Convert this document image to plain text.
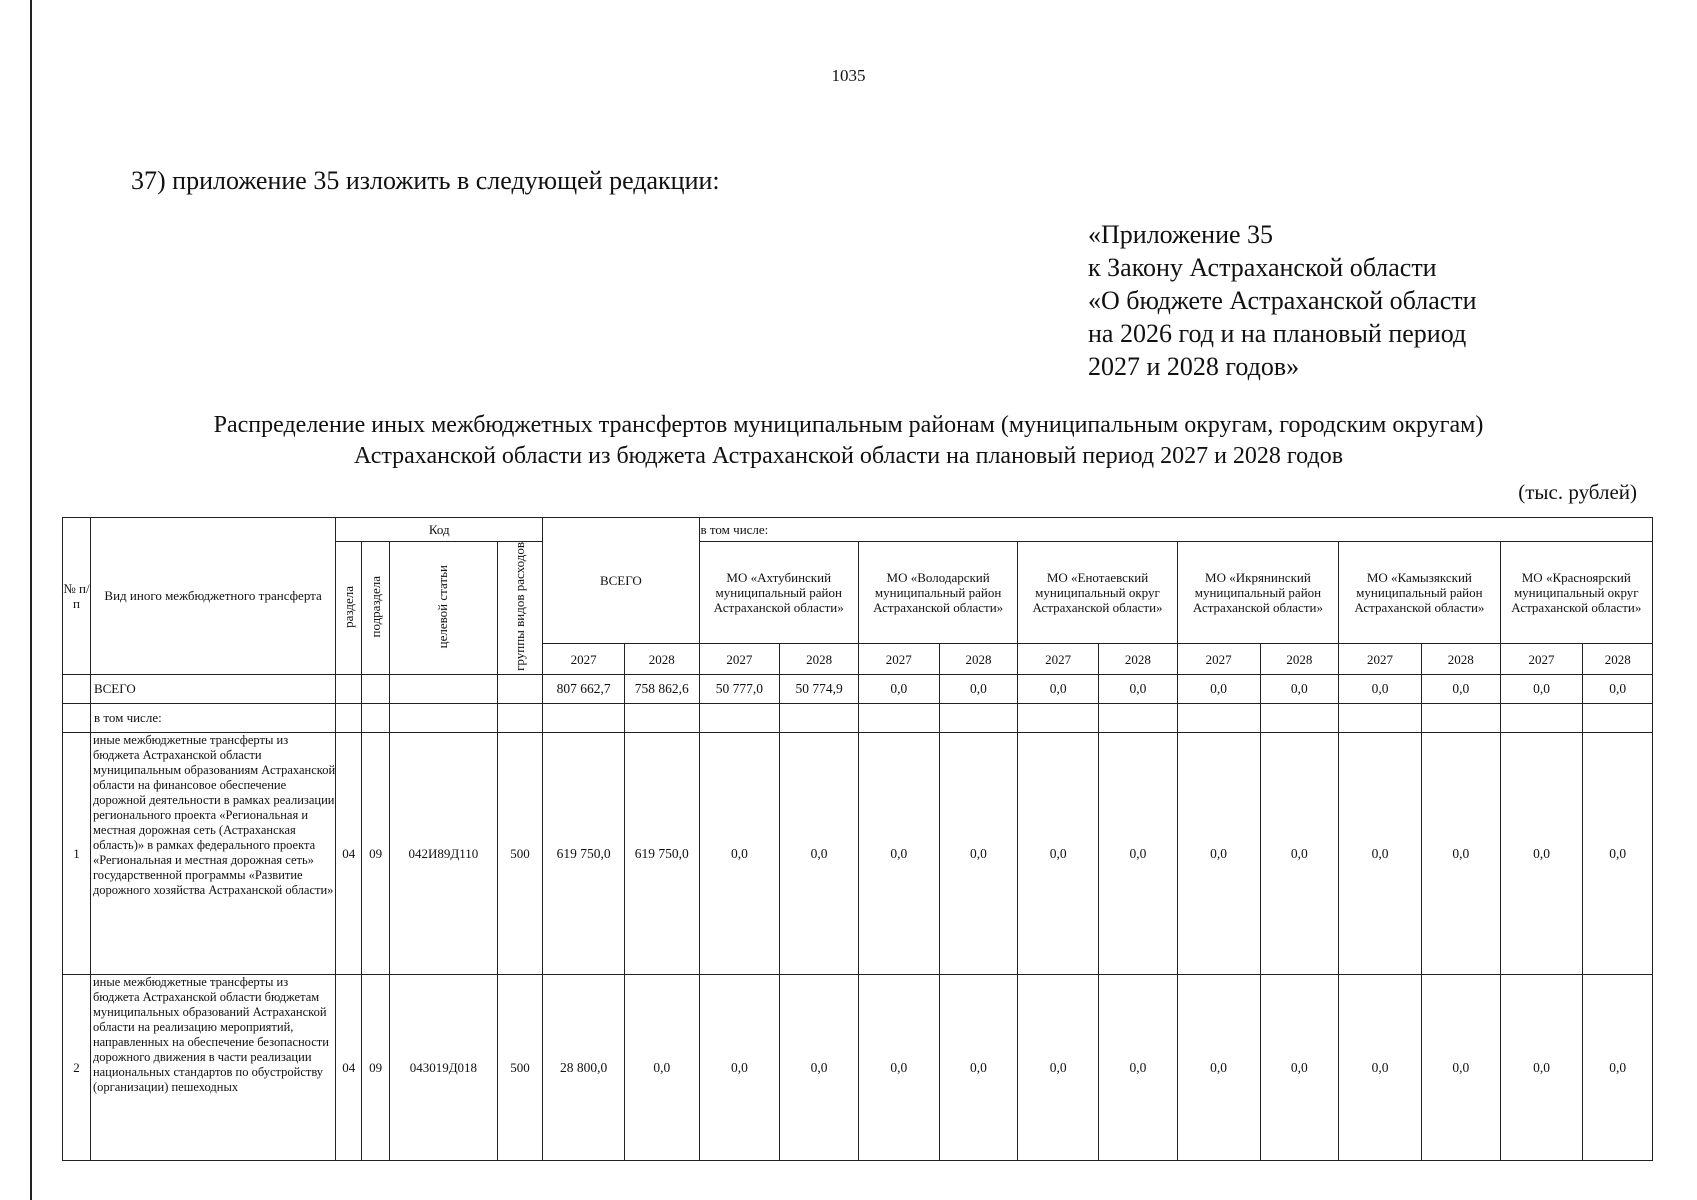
1035
37) приложение 35 изложить в следующей редакции:
«Приложение 35
к Закону Астраханской области
«О бюджете Астраханской области
на 2026 год и на плановый период
2027 и 2028 годов»
Распределение иных межбюджетных трансфертов муниципальным районам (муниципальным округам, городским округам)
Астраханской области из бюджета Астраханской области на плановый период 2027 и 2028 годов
(тыс. рублей)
№ п/п	Вид иного межбюджетного трансферта	Код				ВСЕГО		в том числе:											
		раздела	подраздела	целевой статьи	группы видов расходов			МО «Ахтубинский муниципальный район Астраханской области»		МО «Володарский муниципальный район Астраханской области»		МО «Енотаевский муниципальный округ Астраханской области»		МО «Икрянинский муниципальный район Астраханской области»		МО «Камызякский муниципальный район Астраханской области»		МО «Красноярский муниципальный округ Астраханской области»	
						2027	2028	2027	2028	2027	2028	2027	2028	2027	2028	2027	2028	2027	2028
	ВСЕГО					807 662,7	758 862,6	50 777,0	50 774,9	0,0	0,0	0,0	0,0	0,0	0,0	0,0	0,0	0,0	0,0
	в том числе:																		
1	иные межбюджетные трансферты из бюджета Астраханской области муниципальным образованиям Астраханской области на финансовое обеспечение дорожной деятельности в рамках реализации регионального проекта «Региональная и местная дорожная сеть (Астраханская область)» в рамках федерального проекта «Региональная и местная дорожная сеть» государственной программы «Развитие дорожного хозяйства Астраханской области»	04	09	042И89Д110	500	619 750,0	619 750,0	0,0	0,0	0,0	0,0	0,0	0,0	0,0	0,0	0,0	0,0	0,0	0,0
2	иные межбюджетные трансферты из бюджета Астраханской области бюджетам муниципальных образований Астраханской области на реализацию мероприятий, направленных на обеспечение безопасности дорожного движения в части реализации национальных стандартов по обустройству (организации) пешеходных	04	09	043019Д018	500	28 800,0	0,0	0,0	0,0	0,0	0,0	0,0	0,0	0,0	0,0	0,0	0,0	0,0	0,0
